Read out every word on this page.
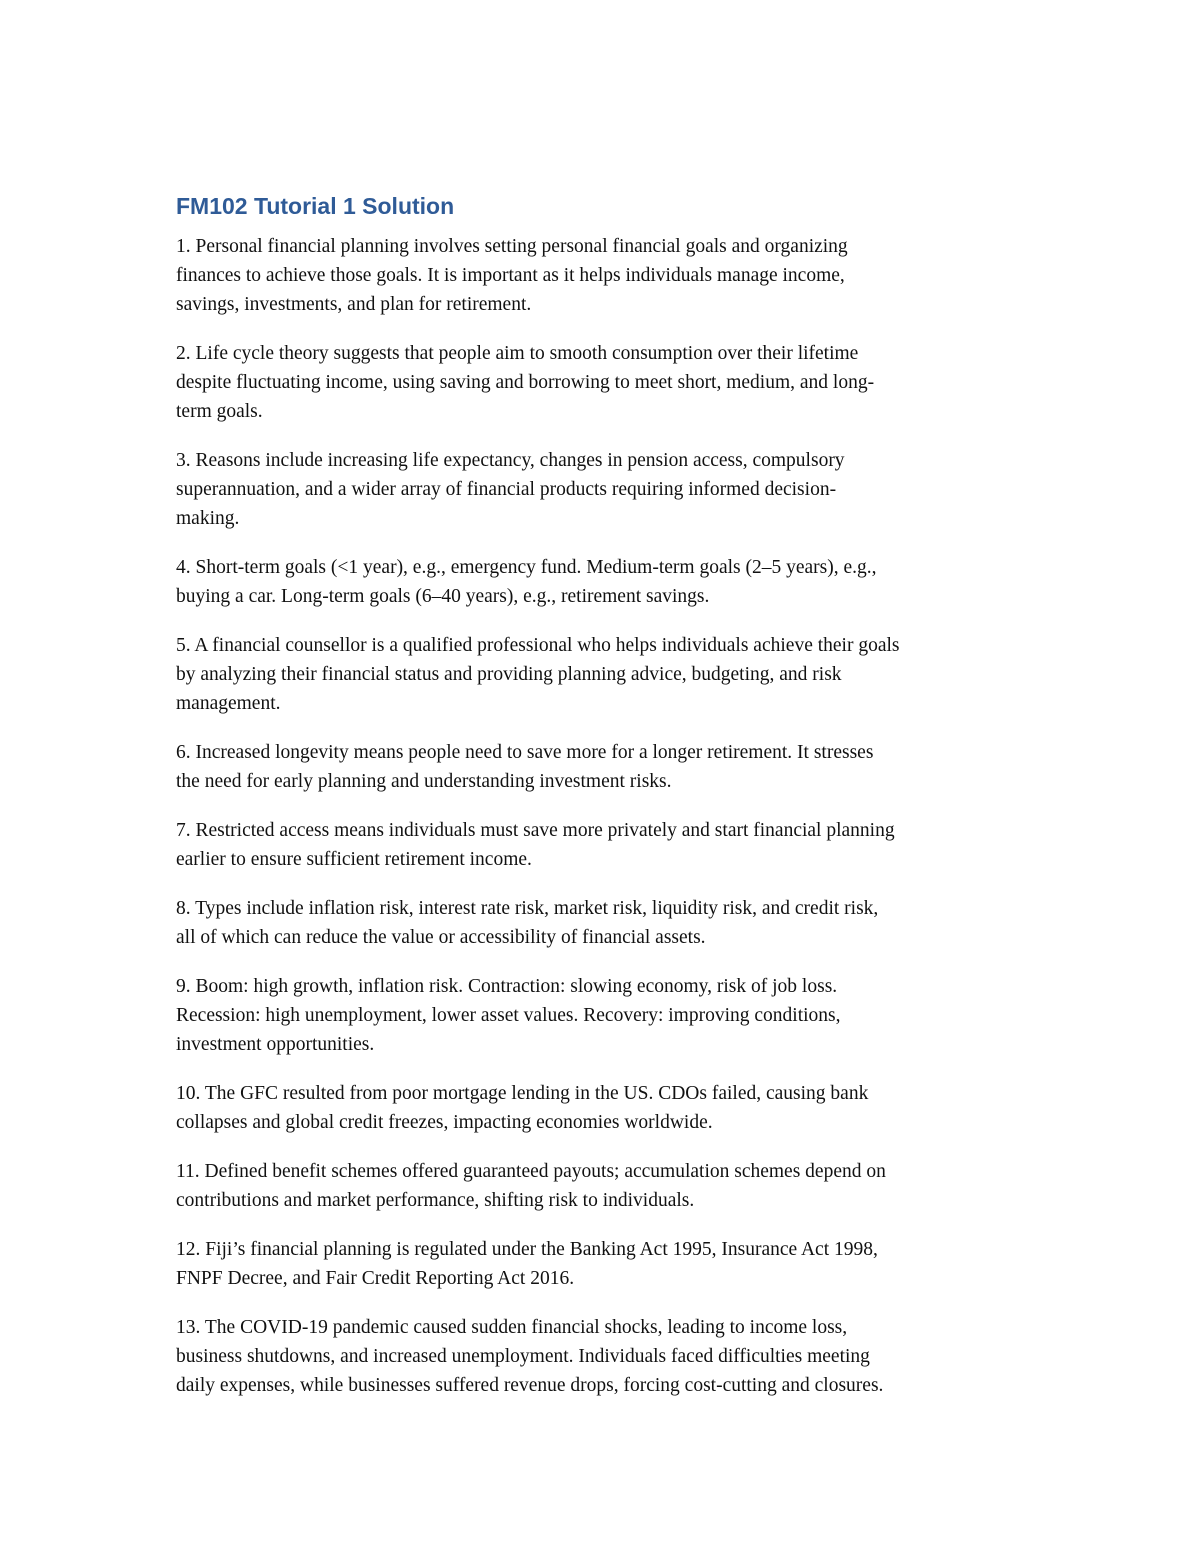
FM102 Tutorial 1 Solution

1. Personal financial planning involves setting personal financial goals and organizing
finances to achieve those goals. It is important as it helps individuals manage income,
savings, investments, and plan for retirement.

2. Life cycle theory suggests that people aim to smooth consumption over their lifetime
despite fluctuating income, using saving and borrowing to meet short, medium, and long-
term goals.

3. Reasons include increasing life expectancy, changes in pension access, compulsory
superannuation, and a wider array of financial products requiring informed decision-
making.

4. Short-term goals (<1 year), e.g., emergency fund. Medium-term goals (2–5 years), e.g.,
buying a car. Long-term goals (6–40 years), e.g., retirement savings.

5. A financial counsellor is a qualified professional who helps individuals achieve their goals
by analyzing their financial status and providing planning advice, budgeting, and risk
management.

6. Increased longevity means people need to save more for a longer retirement. It stresses
the need for early planning and understanding investment risks.

7. Restricted access means individuals must save more privately and start financial planning
earlier to ensure sufficient retirement income.

8. Types include inflation risk, interest rate risk, market risk, liquidity risk, and credit risk,
all of which can reduce the value or accessibility of financial assets.

9. Boom: high growth, inflation risk. Contraction: slowing economy, risk of job loss.
Recession: high unemployment, lower asset values. Recovery: improving conditions,
investment opportunities.

10. The GFC resulted from poor mortgage lending in the US. CDOs failed, causing bank
collapses and global credit freezes, impacting economies worldwide.

11. Defined benefit schemes offered guaranteed payouts; accumulation schemes depend on
contributions and market performance, shifting risk to individuals.

12. Fiji’s financial planning is regulated under the Banking Act 1995, Insurance Act 1998,
FNPF Decree, and Fair Credit Reporting Act 2016.

13. The COVID-19 pandemic caused sudden financial shocks, leading to income loss,
business shutdowns, and increased unemployment. Individuals faced difficulties meeting
daily expenses, while businesses suffered revenue drops, forcing cost-cutting and closures.
